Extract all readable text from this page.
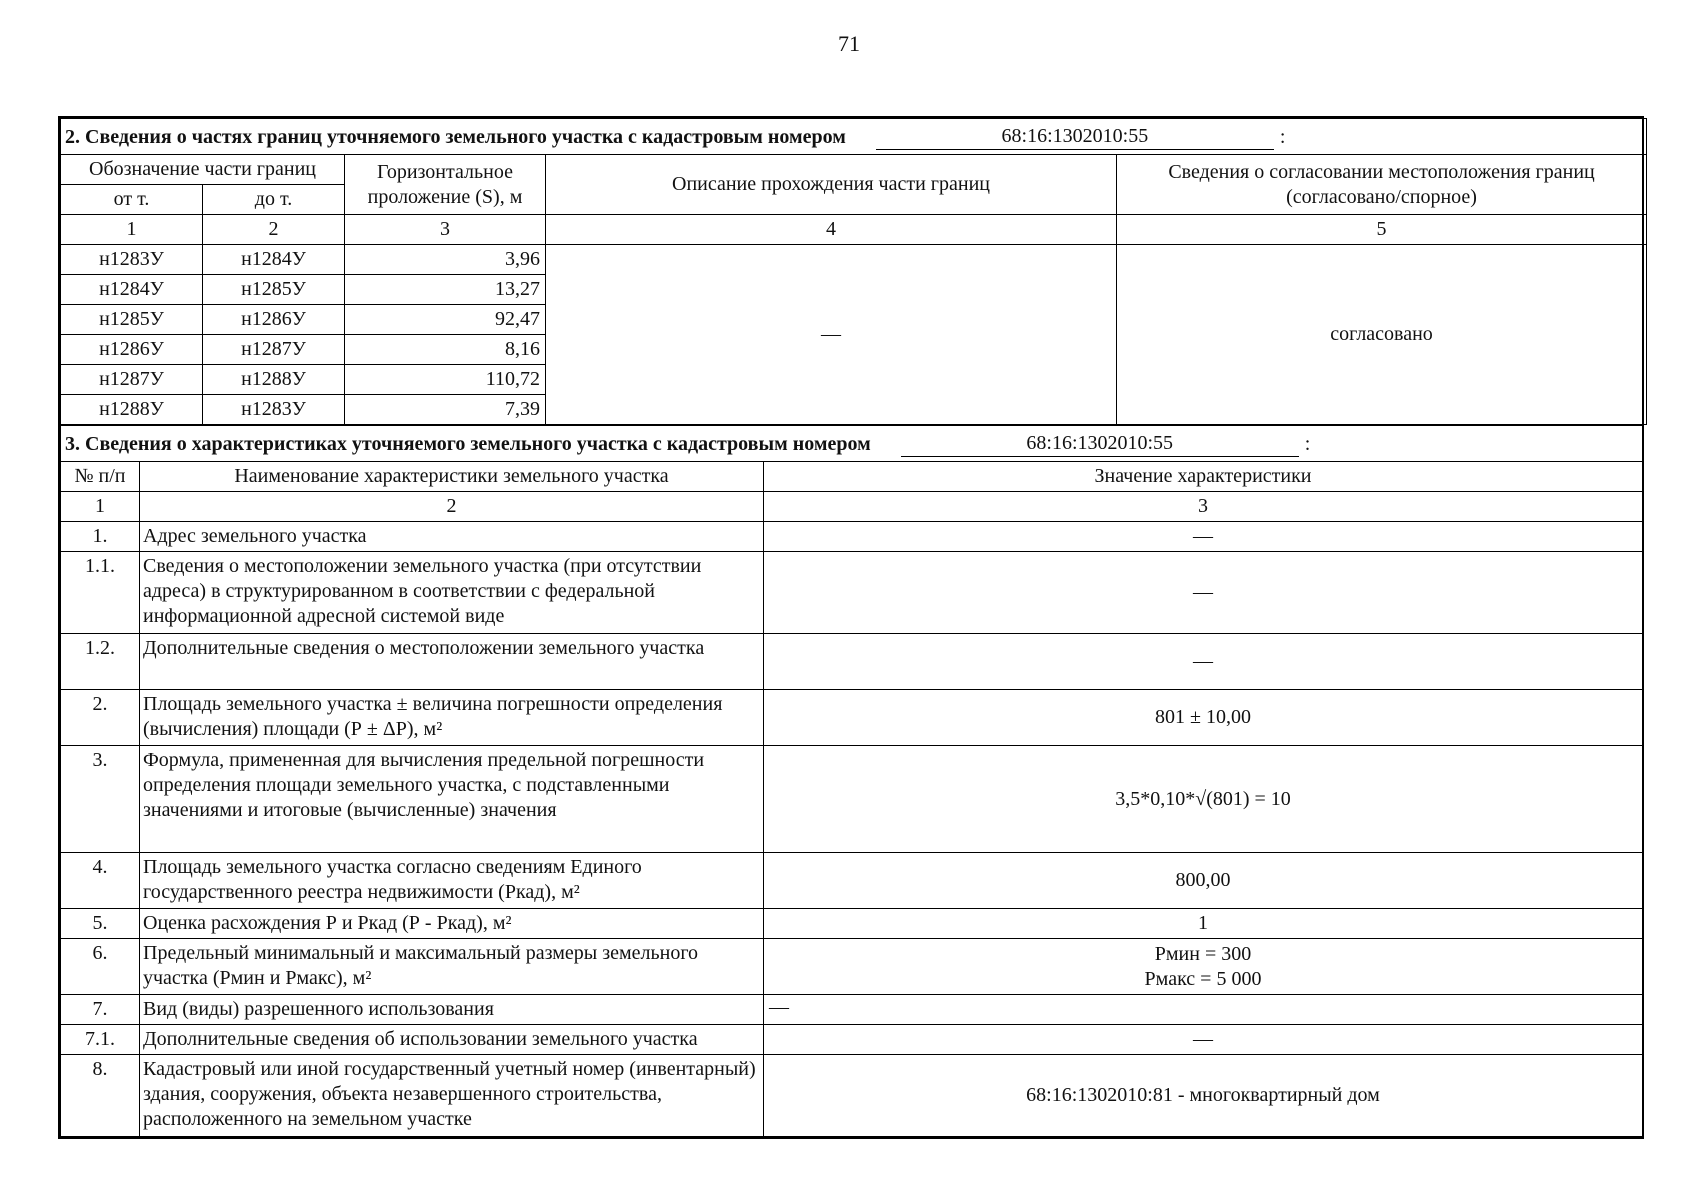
71
2. Сведения о частях границ уточняемого земельного участка с кадастровым номером 68:16:1302010:55 :				

Обозначение части границ		Горизонтальное проложение (S), м	Описание прохождения части границ	Сведения о согласовании местоположения границ (согласовано/спорное)
от т.	до т.			
1	2	3	4	5
н1283У	н1284У	3,96	—	согласовано
н1284У	н1285У	13,27		
н1285У	н1286У	92,47		
н1286У	н1287У	8,16		
н1287У	н1288У	110,72		
н1288У	н1283У	7,39		
3. Сведения о характеристиках уточняемого земельного участка с кадастровым номером 68:16:1302010:55 :		

№ п/п	Наименование характеристики земельного участка	Значение характеристики
1	2	3
1.	Адрес земельного участка	—
1.1.	Сведения о местоположении земельного участка (при отсутствии адреса) в структурированном в соответствии с федеральной информационной адресной системой виде	—
1.2.	Дополнительные сведения о местоположении земельного участка	—
2.	Площадь земельного участка ± величина погрешности определения (вычисления) площади (Р ± ΔР), м²	801 ± 10,00
3.	Формула, примененная для вычисления предельной погрешности определения площади земельного участка, с подставленными значениями и итоговые (вычисленные) значения	3,5*0,10*√(801) = 10
4.	Площадь земельного участка согласно сведениям Единого государственного реестра недвижимости (Ркад), м²	800,00
5.	Оценка расхождения Р и Ркад (Р - Ркад), м²	1
6.	Предельный минимальный и максимальный размеры земельного участка (Рмин и Рмакс), м²	Рмин = 300
Рмакс = 5 000

7.	Вид (виды) разрешенного использования	—
7.1.	Дополнительные сведения об использовании земельного участка	—
8.	Кадастровый или иной государственный учетный номер (инвентарный) здания, сооружения, объекта незавершенного строительства, расположенного на земельном участке	68:16:1302010:81 - многоквартирный дом
